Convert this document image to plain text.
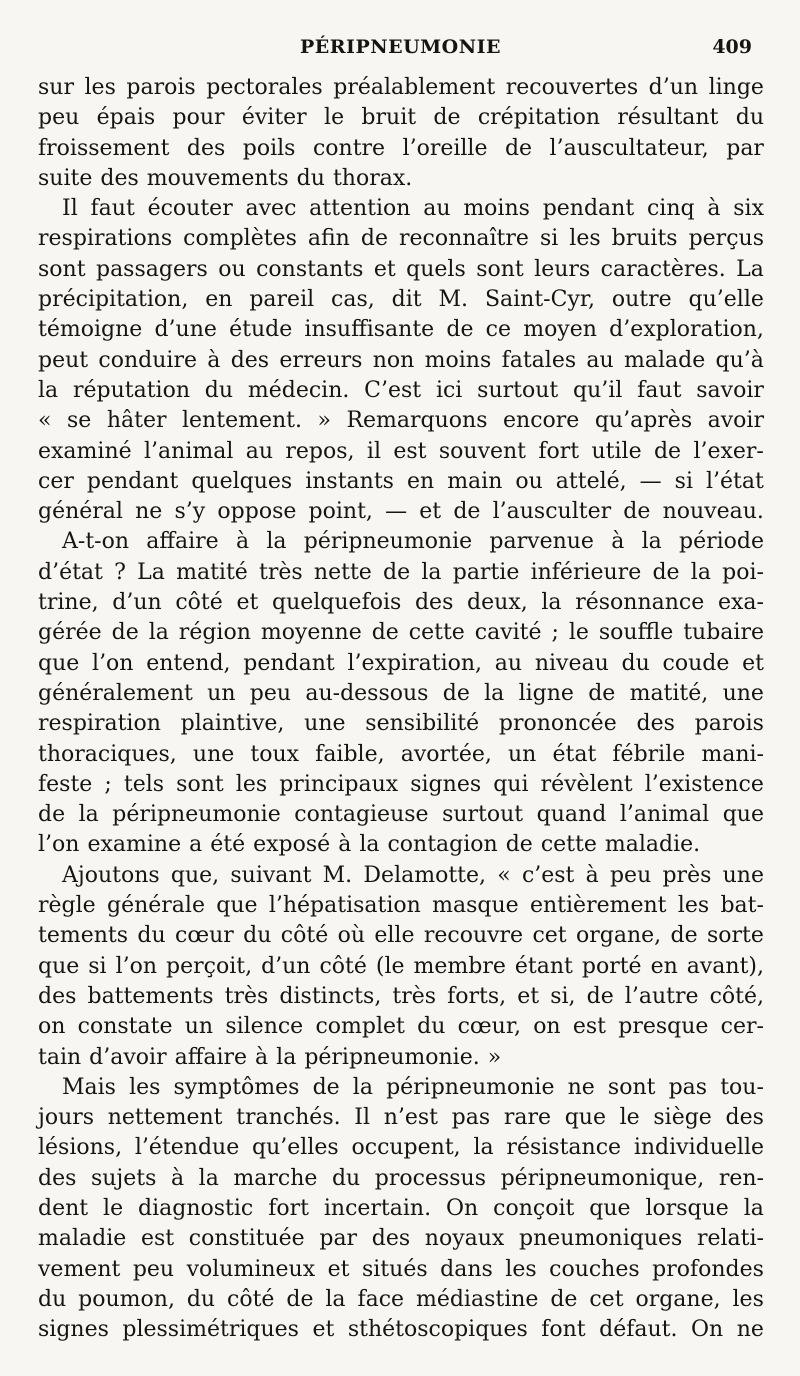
PÉRIPNEUMONIE	409
sur les parois pectorales préalablement recouvertes d’un linge
peu épais pour éviter le bruit de crépitation résultant du
froissement des poils contre l’oreille de l’auscultateur, par
suite des mouvements du thorax.
Il faut écouter avec attention au moins pendant cinq à six
respirations complètes afin de reconnaître si les bruits perçus
sont passagers ou constants et quels sont leurs caractères. La
précipitation, en pareil cas, dit M. Saint-Cyr, outre qu’elle
témoigne d’une étude insuffisante de ce moyen d’exploration,
peut conduire à des erreurs non moins fatales au malade qu’à
la réputation du médecin. C’est ici surtout qu’il faut savoir
« se hâter lentement. » Remarquons encore qu’après avoir
examiné l’animal au repos, il est souvent fort utile de l’exer-
cer pendant quelques instants en main ou attelé, — si l’état
général ne s’y oppose point, — et de l’ausculter de nouveau.
A-t-on affaire à la péripneumonie parvenue à la période
d’état ? La matité très nette de la partie inférieure de la poi-
trine, d’un côté et quelquefois des deux, la résonnance exa-
gérée de la région moyenne de cette cavité ; le souffle tubaire
que l’on entend, pendant l’expiration, au niveau du coude et
généralement un peu au-dessous de la ligne de matité, une
respiration plaintive, une sensibilité prononcée des parois
thoraciques, une toux faible, avortée, un état fébrile mani-
feste ; tels sont les principaux signes qui révèlent l’existence
de la péripneumonie contagieuse surtout quand l’animal que
l’on examine a été exposé à la contagion de cette maladie.
Ajoutons que, suivant M. Delamotte, « c’est à peu près une
règle générale que l’hépatisation masque entièrement les bat-
tements du cœur du côté où elle recouvre cet organe, de sorte
que si l’on perçoit, d’un côté (le membre étant porté en avant),
des battements très distincts, très forts, et si, de l’autre côté,
on constate un silence complet du cœur, on est presque cer-
tain d’avoir affaire à la péripneumonie. »
Mais les symptômes de la péripneumonie ne sont pas tou-
jours nettement tranchés. Il n’est pas rare que le siège des
lésions, l’étendue qu’elles occupent, la résistance individuelle
des sujets à la marche du processus péripneumonique, ren-
dent le diagnostic fort incertain. On conçoit que lorsque la
maladie est constituée par des noyaux pneumoniques relati-
vement peu volumineux et situés dans les couches profondes
du poumon, du côté de la face médiastine de cet organe, les
signes plessimétriques et sthétoscopiques font défaut. On ne
